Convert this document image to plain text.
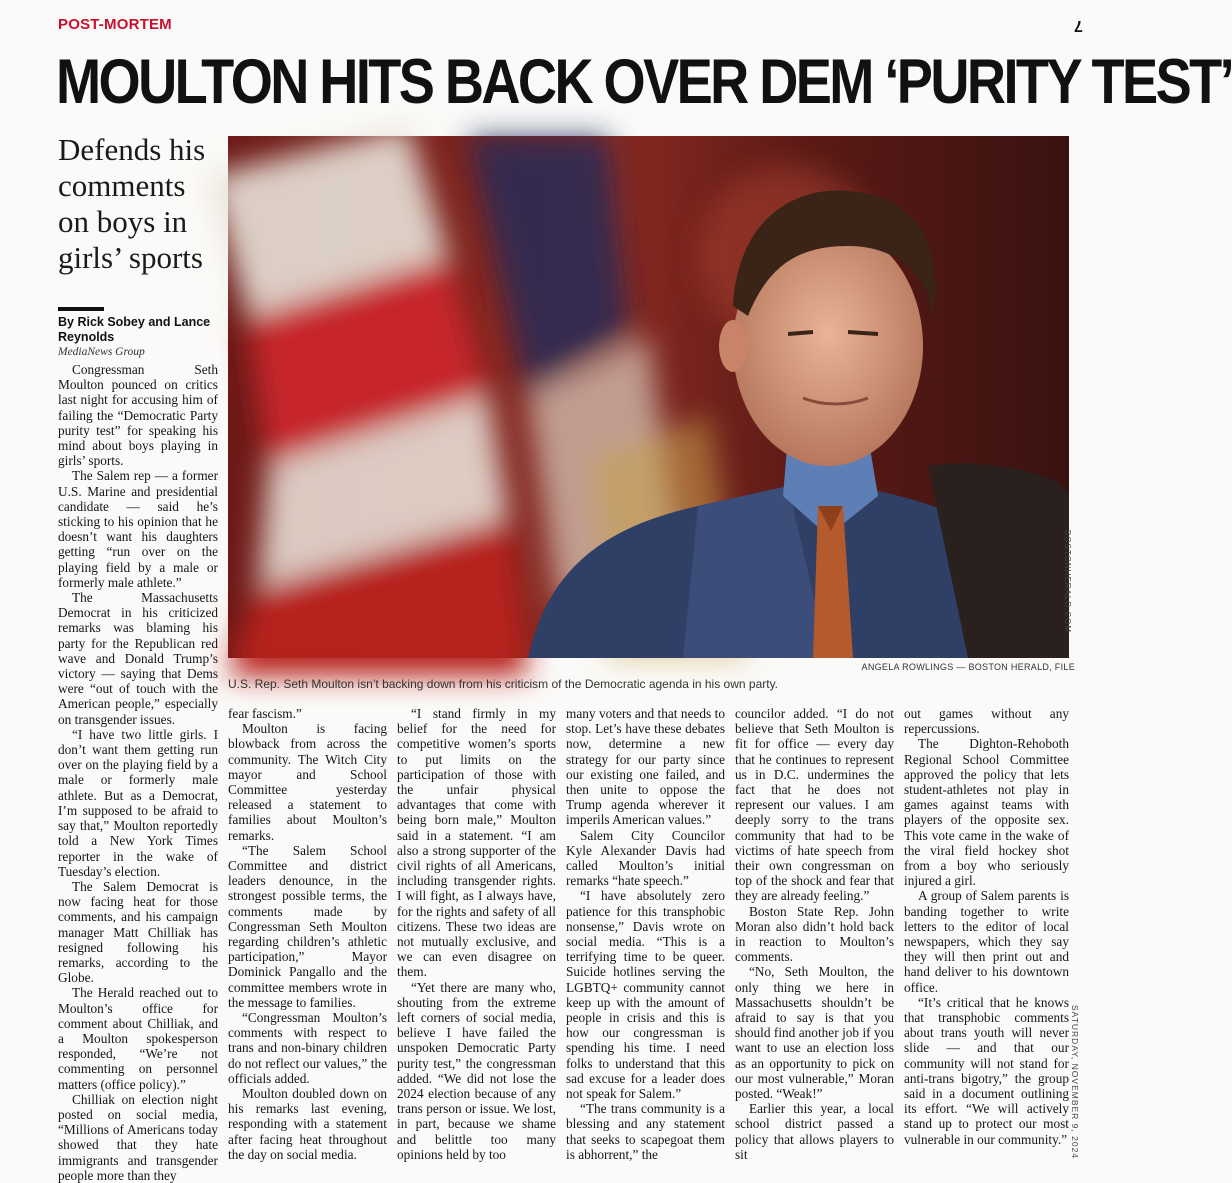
POST-MORTEM	7
MOULTON HITS BACK OVER DEM ‘PURITY TEST’
Defends his comments on boys in girls’ sports
By Rick Sobey and Lance Reynolds
MediaNews Group
BOSTONHERALD.COM
ANGELA ROWLINGS — BOSTON HERALD, FILE
U.S. Rep. Seth Moulton isn’t backing down from his criticism of the Democratic agenda in his own party.
SATURDAY, NOVEMBER 9, 2024

Congressman Seth Moulton pounced on critics last night for accusing him of failing the “Democratic Party purity test” for speaking his mind about boys playing in girls’ sports.

The Salem rep — a former U.S. Marine and presidential candidate — said he’s sticking to his opinion that he doesn’t want his daughters getting “run over on the playing field by a male or formerly male athlete.”

The Massachusetts Democrat in his criticized remarks was blaming his party for the Republican red wave and Donald Trump’s victory — saying that Dems were “out of touch with the American people,” especially on transgender issues.

“I have two little girls. I don’t want them getting run over on the playing field by a male or formerly male athlete. But as a Democrat, I’m supposed to be afraid to say that,” Moulton reportedly told a New York Times reporter in the wake of Tuesday’s election.

The Salem Democrat is now facing heat for those comments, and his campaign manager Matt Chilliak has resigned following his remarks, according to the Globe.

The Herald reached out to Moulton’s office for comment about Chilliak, and a Moulton spokesperson responded, “We’re not commenting on personnel matters (office policy).”

Chilliak on election night posted on social media, “Millions of Americans today showed that they hate immigrants and transgender people more than they

fear fascism.”

Moulton is facing blowback from across the community. The Witch City mayor and School Committee yesterday released a statement to families about Moulton’s remarks.

“The Salem School Committee and district leaders denounce, in the strongest possible terms, the comments made by Congressman Seth Moulton regarding children’s athletic participation,” Mayor Dominick Pangallo and the committee members wrote in the message to families.

“Congressman Moulton’s comments with respect to trans and non-binary children do not reflect our values,” the officials added.

Moulton doubled down on his remarks last evening, responding with a statement after facing heat throughout the day on social media.

“I stand firmly in my belief for the need for competitive women’s sports to put limits on the participation of those with the unfair physical advantages that come with being born male,” Moulton said in a statement. “I am also a strong supporter of the civil rights of all Americans, including transgender rights. I will fight, as I always have, for the rights and safety of all citizens. These two ideas are not mutually exclusive, and we can even disagree on them.

“Yet there are many who, shouting from the extreme left corners of social media, believe I have failed the unspoken Democratic Party purity test,” the congressman added. “We did not lose the 2024 election because of any trans person or issue. We lost, in part, because we shame and belittle too many opinions held by too

many voters and that needs to stop. Let’s have these debates now, determine a new strategy for our party since our existing one failed, and then unite to oppose the Trump agenda wherever it imperils American values.”

Salem City Councilor Kyle Alexander Davis had called Moulton’s initial remarks “hate speech.”

“I have absolutely zero patience for this transphobic nonsense,” Davis wrote on social media. “This is a terrifying time to be queer. Suicide hotlines serving the LGBTQ+ community cannot keep up with the amount of people in crisis and this is how our congressman is spending his time. I need folks to understand that this sad excuse for a leader does not speak for Salem.”

“The trans community is a blessing and any statement that seeks to scapegoat them is abhorrent,” the

councilor added. “I do not believe that Seth Moulton is fit for office — every day that he continues to represent us in D.C. undermines the fact that he does not represent our values. I am deeply sorry to the trans community that had to be victims of hate speech from their own congressman on top of the shock and fear that they are already feeling.”

Boston State Rep. John Moran also didn’t hold back in reaction to Moulton’s comments.

“No, Seth Moulton, the only thing we here in Massachusetts shouldn’t be afraid to say is that you should find another job if you want to use an election loss as an opportunity to pick on our most vulnerable,” Moran posted. “Weak!”

Earlier this year, a local school district passed a policy that allows players to sit

out games without any repercussions.

The Dighton-Rehoboth Regional School Committee approved the policy that lets student-athletes not play in games against teams with players of the opposite sex. This vote came in the wake of the viral field hockey shot from a boy who seriously injured a girl.

A group of Salem parents is banding together to write letters to the editor of local newspapers, which they say they will then print out and hand deliver to his downtown office.

“It’s critical that he knows that transphobic comments about trans youth will never slide — and that our community will not stand for anti-trans bigotry,” the group said in a document outlining its effort. “We will actively stand up to protect our most vulnerable in our community.”
